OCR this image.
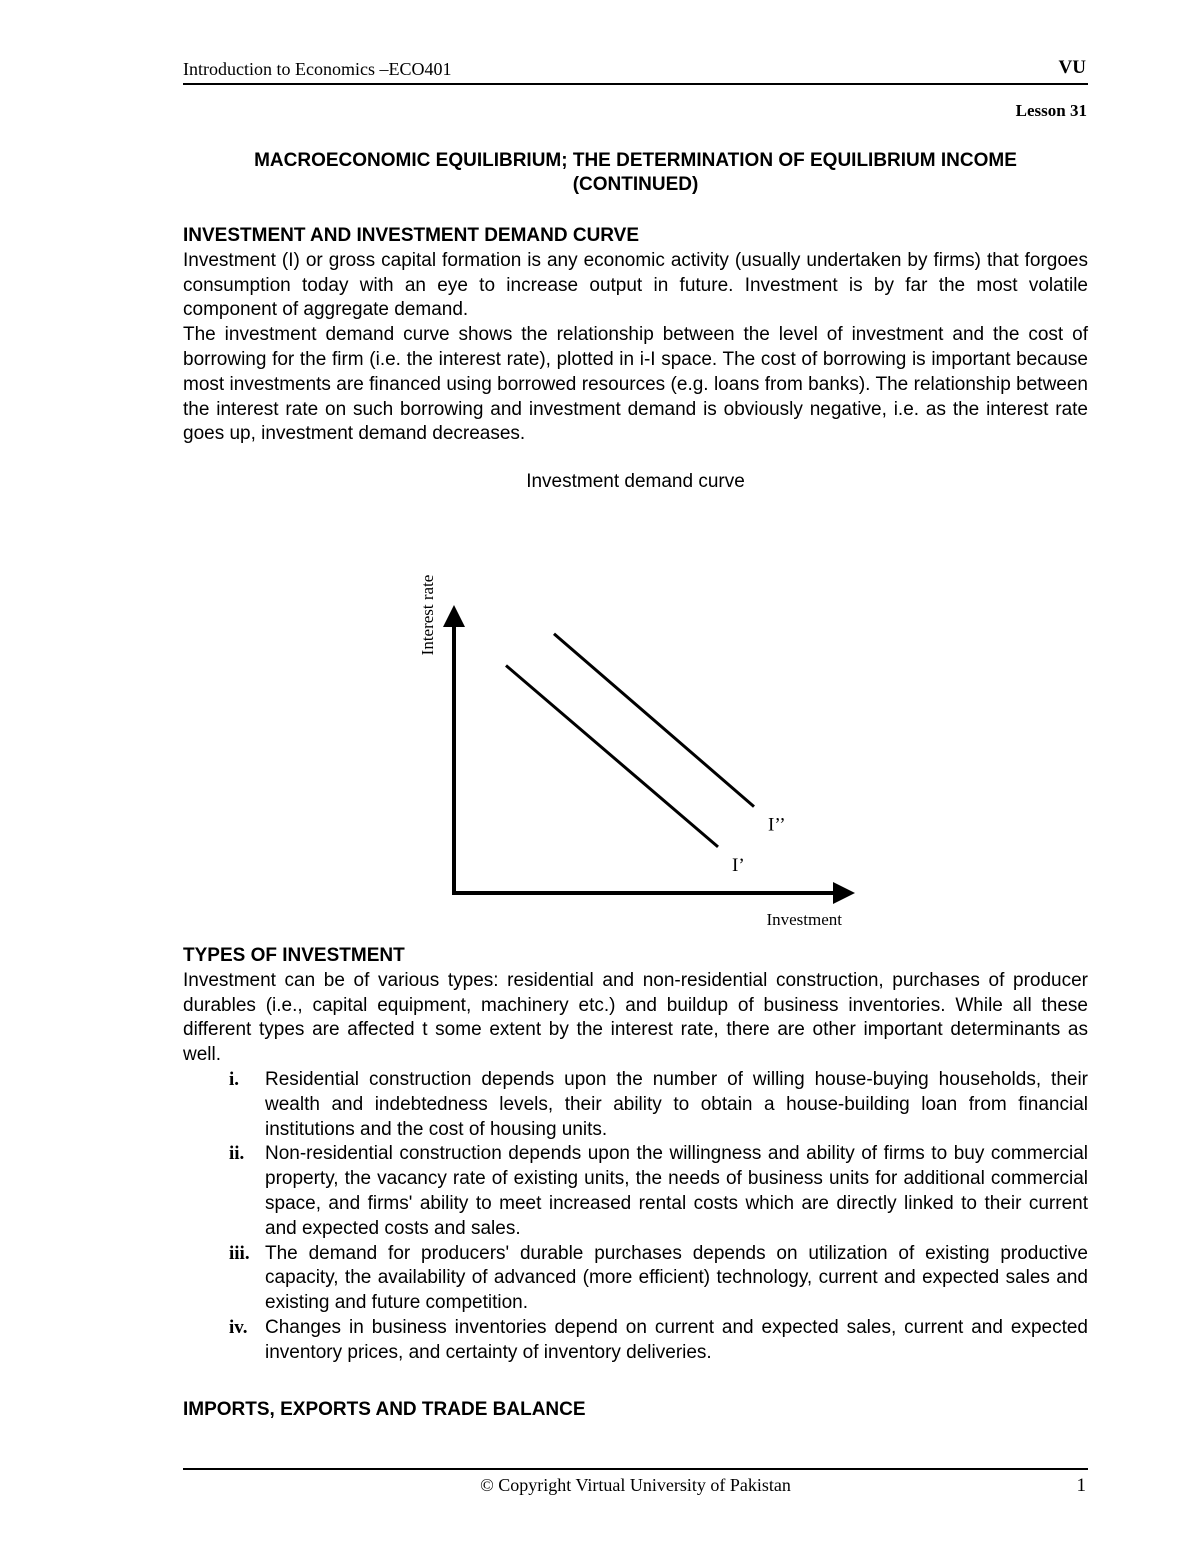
Introduction to Economics –ECO401	VU
Lesson 31
MACROECONOMIC EQUILIBRIUM; THE DETERMINATION OF EQUILIBRIUM INCOME
(CONTINUED)
INVESTMENT AND INVESTMENT DEMAND CURVE
Investment (I) or gross capital formation is any economic activity (usually undertaken by firms) that forgoes consumption today with an eye to increase output in future. Investment is by far the most volatile component of aggregate demand.
The investment demand curve shows the relationship between the level of investment and the cost of borrowing for the firm (i.e. the interest rate), plotted in i-I space. The cost of borrowing is important because most investments are financed using borrowed resources (e.g. loans from banks). The relationship between the interest rate on such borrowing and investment demand is obviously negative, i.e. as the interest rate goes up, investment demand decreases.
Investment demand curve
Interest rate
Investment
I’
I’’
TYPES OF INVESTMENT
Investment can be of various types: residential and non-residential construction, purchases of producer durables (i.e., capital equipment, machinery etc.) and buildup of business inventories. While all these different types are affected t some extent by the interest rate, there are other important determinants as well.
i. Residential construction depends upon the number of willing house-buying households, their wealth and indebtedness levels, their ability to obtain a house-building loan from financial institutions and the cost of housing units.
ii. Non-residential construction depends upon the willingness and ability of firms to buy commercial property, the vacancy rate of existing units, the needs of business units for additional commercial space, and firms' ability to meet increased rental costs which are directly linked to their current and expected costs and sales.
iii. The demand for producers' durable purchases depends on utilization of existing productive capacity, the availability of advanced (more efficient) technology, current and expected sales and existing and future competition.
iv. Changes in business inventories depend on current and expected sales, current and expected inventory prices, and certainty of inventory deliveries.
IMPORTS, EXPORTS AND TRADE BALANCE
© Copyright Virtual University of Pakistan	1
